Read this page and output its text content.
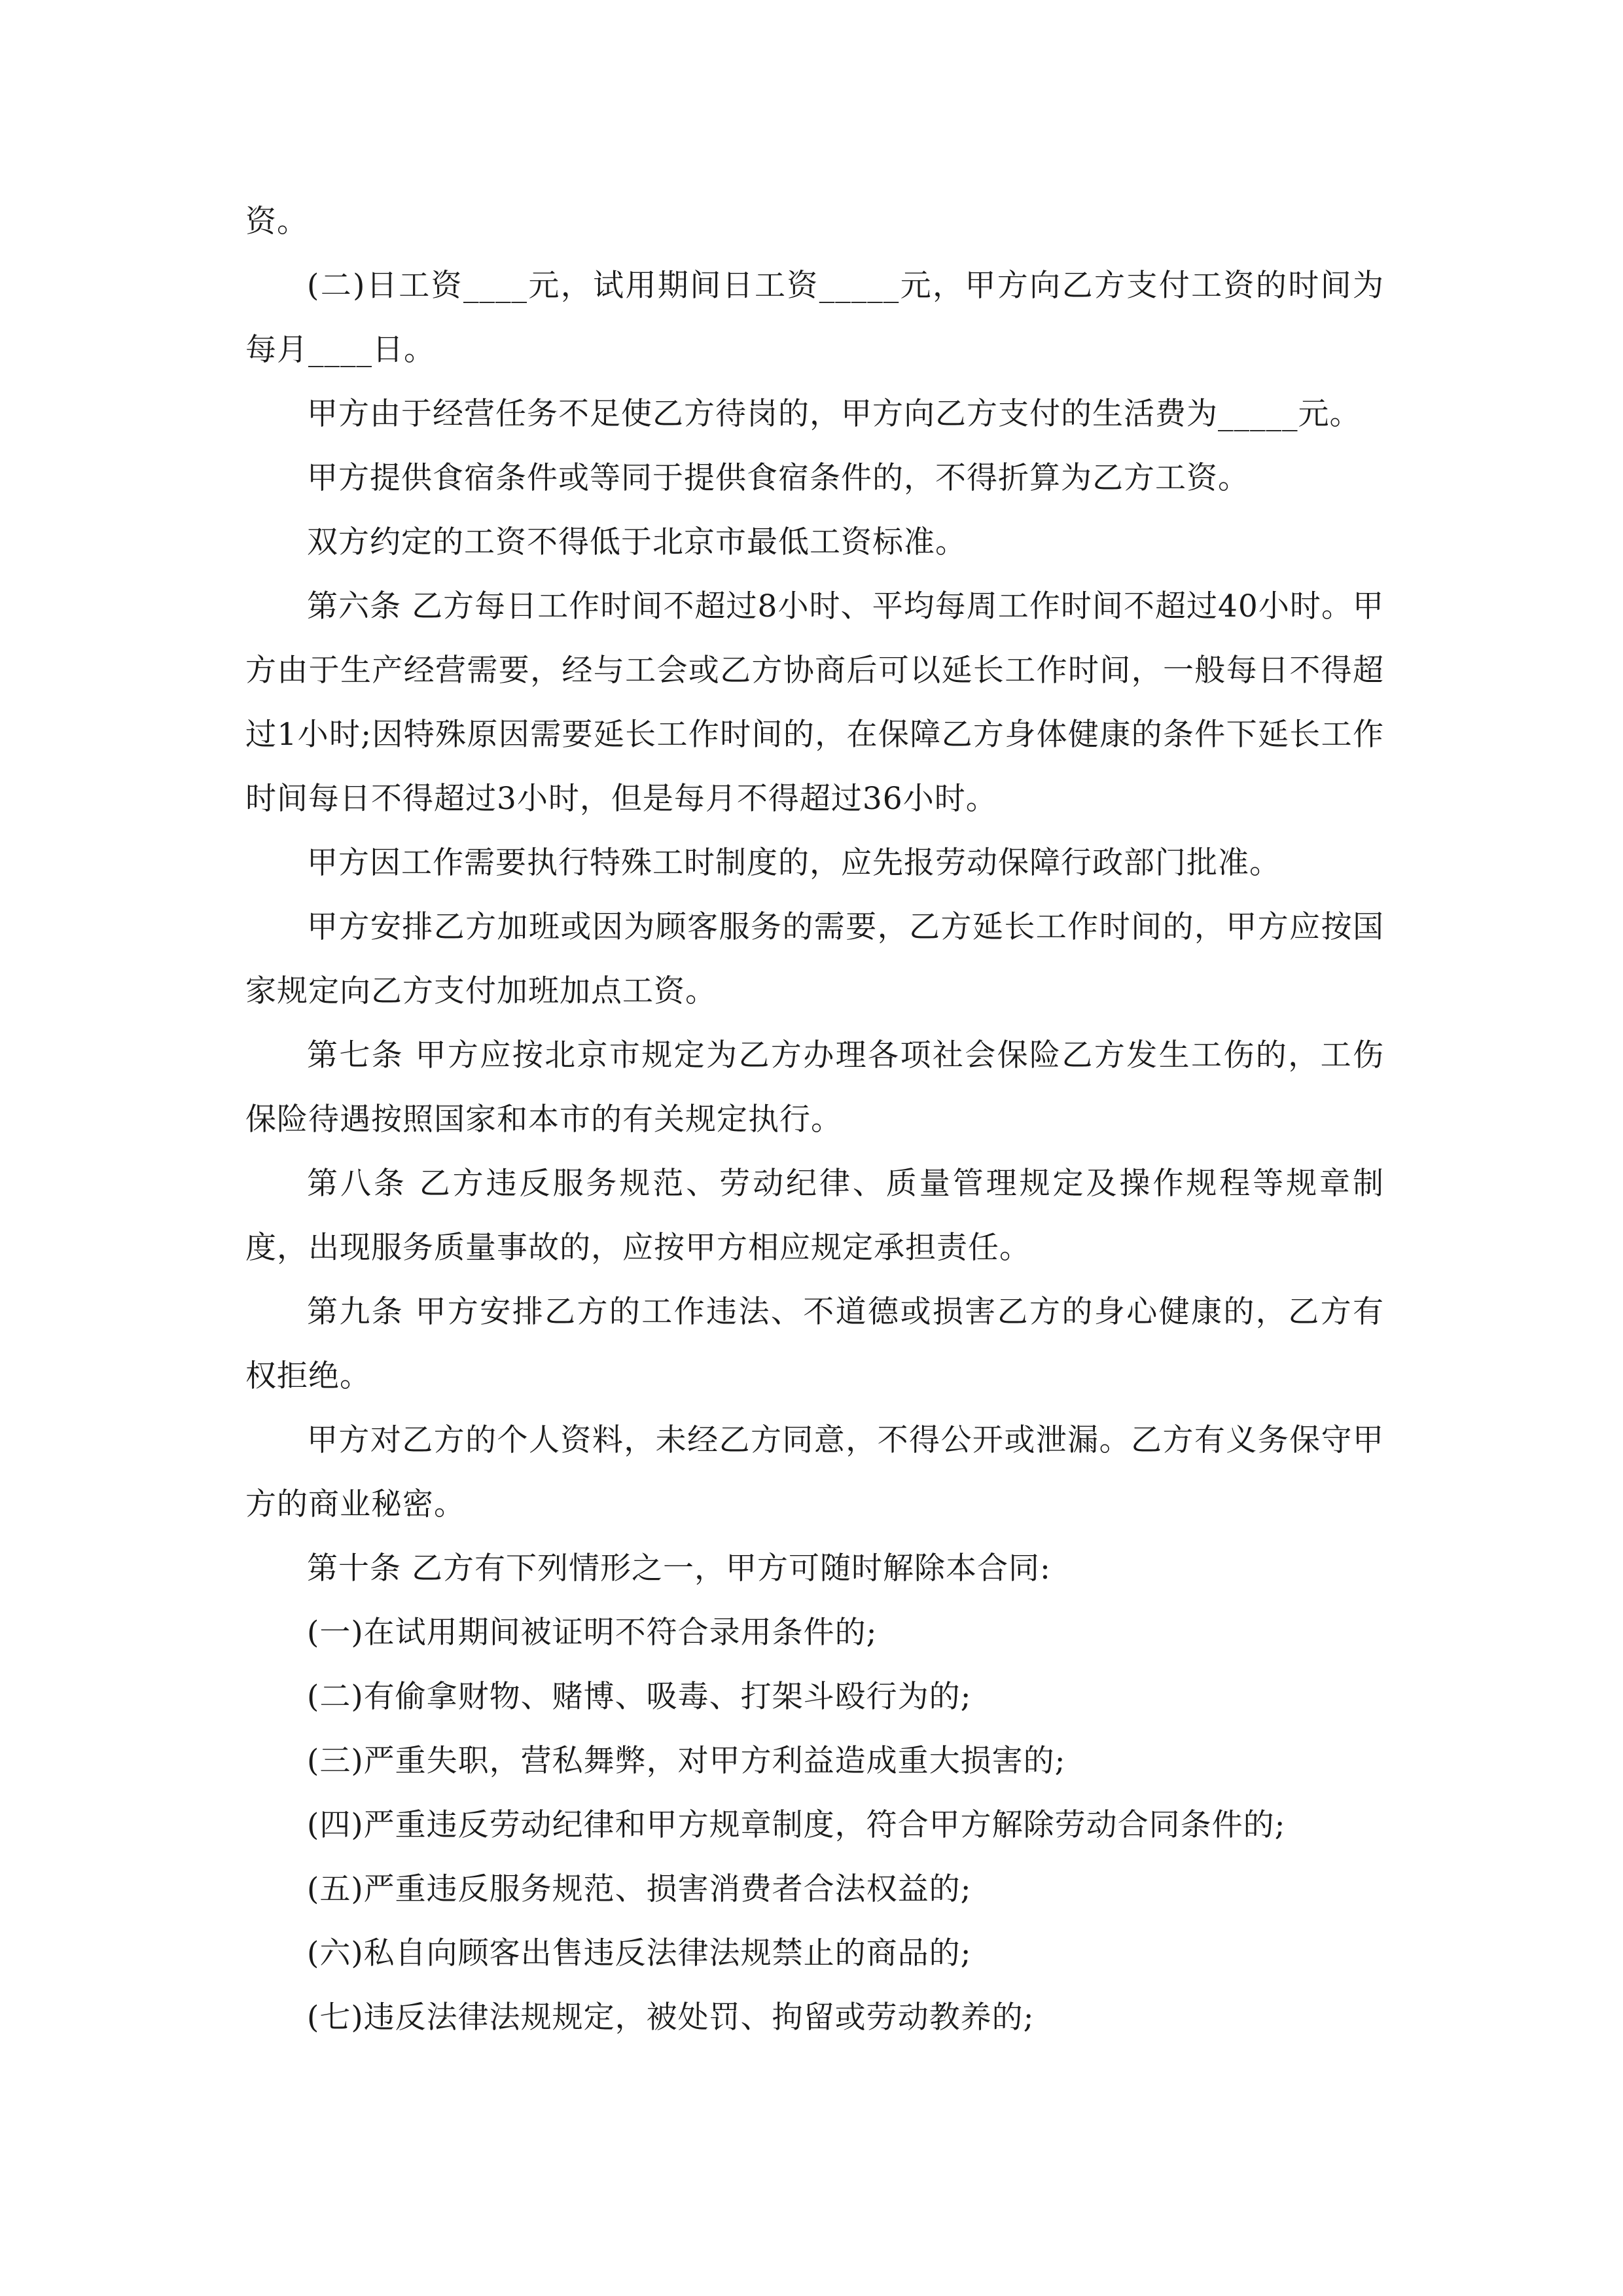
资。

(二)日工资____元，试用期间日工资_____元，甲方向乙方支付工资的时间为每月____日。

甲方由于经营任务不足使乙方待岗的，甲方向乙方支付的生活费为_____元。

甲方提供食宿条件或等同于提供食宿条件的，不得折算为乙方工资。

双方约定的工资不得低于北京市最低工资标准。

第六条 乙方每日工作时间不超过8小时、平均每周工作时间不超过40小时。甲方由于生产经营需要，经与工会或乙方协商后可以延长工作时间，一般每日不得超过1小时;因特殊原因需要延长工作时间的，在保障乙方身体健康的条件下延长工作时间每日不得超过3小时，但是每月不得超过36小时。

甲方因工作需要执行特殊工时制度的，应先报劳动保障行政部门批准。

甲方安排乙方加班或因为顾客服务的需要，乙方延长工作时间的，甲方应按国家规定向乙方支付加班加点工资。

第七条 甲方应按北京市规定为乙方办理各项社会保险乙方发生工伤的，工伤保险待遇按照国家和本市的有关规定执行。

第八条 乙方违反服务规范、劳动纪律、质量管理规定及操作规程等规章制度，出现服务质量事故的，应按甲方相应规定承担责任。

第九条 甲方安排乙方的工作违法、不道德或损害乙方的身心健康的，乙方有权拒绝。

甲方对乙方的个人资料，未经乙方同意，不得公开或泄漏。乙方有义务保守甲方的商业秘密。

第十条 乙方有下列情形之一，甲方可随时解除本合同:

(一)在试用期间被证明不符合录用条件的;

(二)有偷拿财物、赌博、吸毒、打架斗殴行为的;

(三)严重失职，营私舞弊，对甲方利益造成重大损害的;

(四)严重违反劳动纪律和甲方规章制度，符合甲方解除劳动合同条件的;

(五)严重违反服务规范、损害消费者合法权益的;

(六)私自向顾客出售违反法律法规禁止的商品的;

(七)违反法律法规规定，被处罚、拘留或劳动教养的;
